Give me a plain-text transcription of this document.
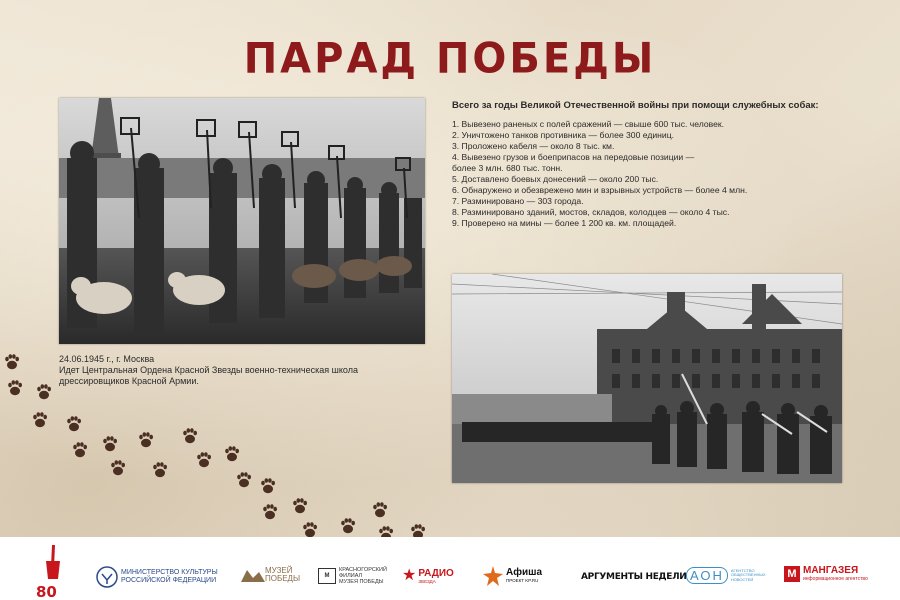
ПАРАД ПОБЕДЫ
24.06.1945 г., г. Москва
Идет Центральная Ордена Красной Звезды военно-техническая школа
дрессировщиков Красной Армии.
Всего за годы Великой Отечественной войны при помощи служебных собак:
1. Вывезено раненых с полей сражений — свыше 600 тыс. человек.
2. Уничтожено танков противника — более 300 единиц.
3. Проложено кабеля — около 8 тыс. км.
4. Вывезено грузов и боеприпасов на передовые позиции —
более 3 млн. 680 тыс. тонн.
5. Доставлено боевых донесений — около 200 тыс.
6. Обнаружено и обезврежено мин и взрывных устройств — более 4 млн.
7. Разминировано — 303 города.
8. Разминировано зданий, мостов, складов, колодцев — около 4 тыс.
9. Проверено на мины — более 1 200 кв. км. площадей.
80
МИНИСТЕРСТВО КУЛЬТУРЫ
РОССИЙСКОЙ ФЕДЕРАЦИИ
МУЗЕЙ
ПОБЕДЫ	М
КРАСНОГОРСКИЙ
ФИЛИАЛ
МУЗЕЯ ПОБЕДЫ ★ РАДИО
ЗВЕЗДА
Афиша
ПРОЕКТ KP.RU	АРГУМЕНТЫ НЕДЕЛИ АОН	АГЕНТСТВО
ОБЩЕСТВЕННЫХ
НОВОСТЕЙ	М МАНГАЗЕЯ
информационное агентство
